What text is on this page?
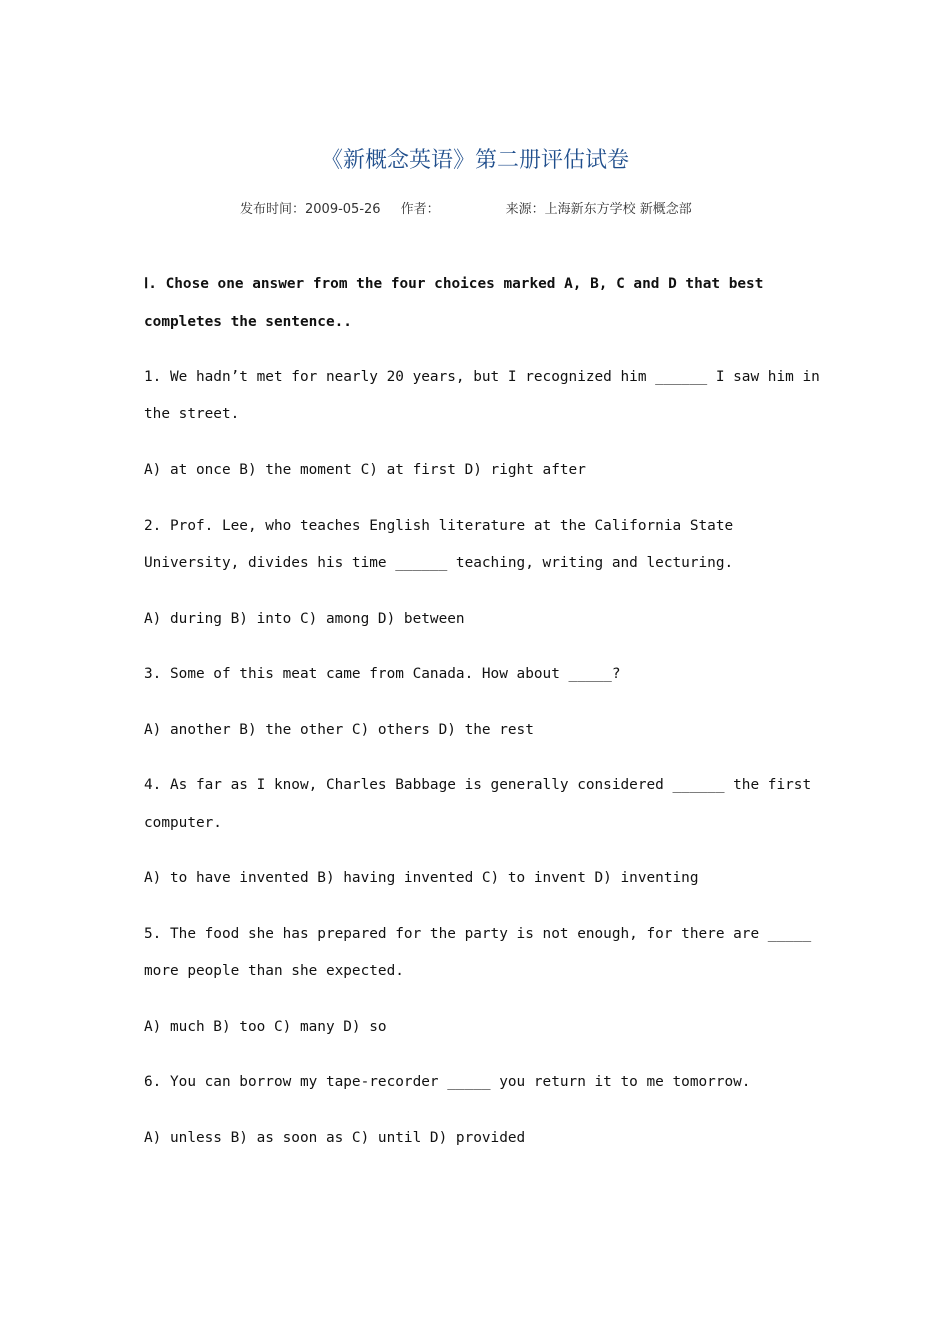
《新概念英语》第二册评估试卷
发布时间：2009-05-26 作者：	来源：上海新东方学校 新概念部
Ⅰ. Chose one answer from the four choices marked A, B, C and D that best
completes the sentence..
1. We hadn’t met for nearly 20 years, but I recognized him ______ I saw him in
the street.
A) at once B) the moment C) at first D) right after
2. Prof. Lee, who teaches English literature at the California State
University, divides his time ______ teaching, writing and lecturing.
A) during B) into C) among D) between
3. Some of this meat came from Canada. How about _____?
A) another B) the other C) others D) the rest
4. As far as I know, Charles Babbage is generally considered ______ the first
computer.
A) to have invented B) having invented C) to invent D) inventing
5. The food she has prepared for the party is not enough, for there are _____
more people than she expected.
A) much B) too C) many D) so
6. You can borrow my tape-recorder _____ you return it to me tomorrow.
A) unless B) as soon as C) until D) provided
